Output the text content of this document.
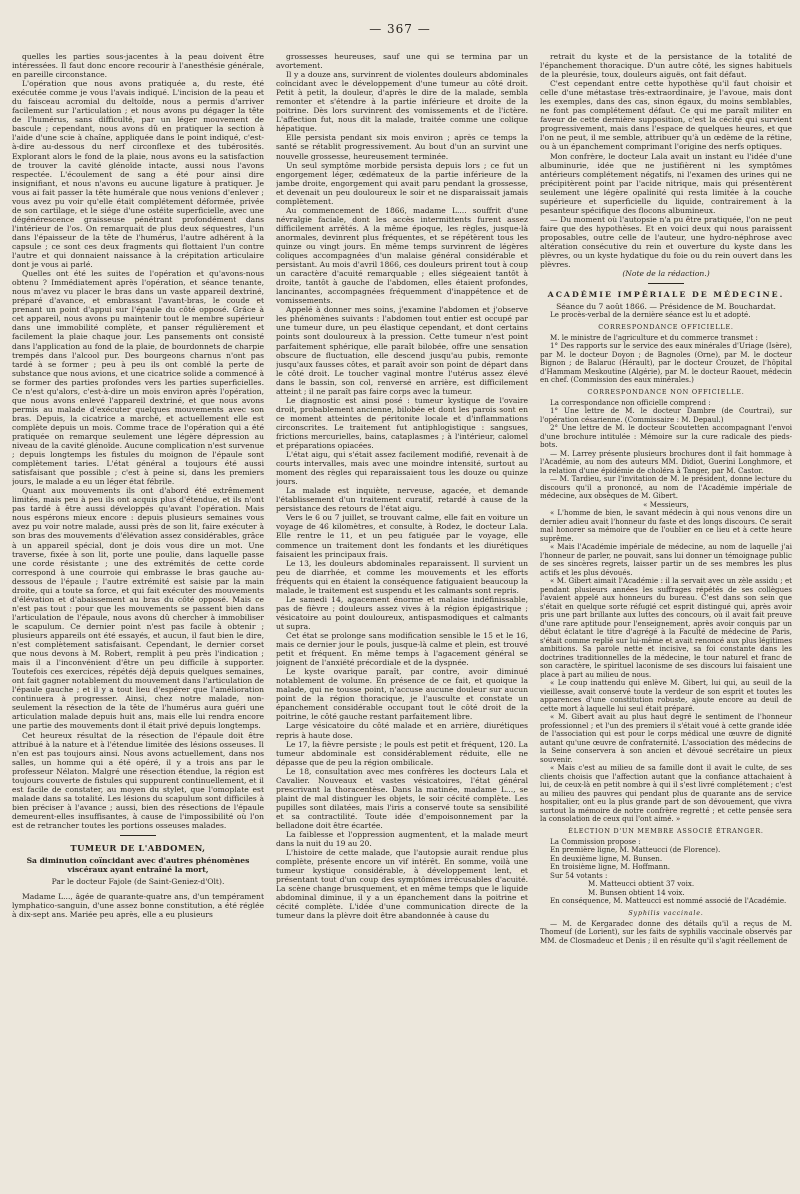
— 367 —

quelles les parties sous-jacentes à la peau doivent être intéressées. Il faut donc encore recourir à l'anesthésie générale, en pareille circonstance.

L'opération que nous avons pratiquée a, du reste, été exécutée comme je vous l'avais indiqué. L'incision de la peau et du faisceau acromial du deltoïde, nous a permis d'arriver facilement sur l'articulation ; et nous avons pu dégager la tête de l'humérus, sans difficulté, par un léger mouvement de bascule ; cependant, nous avons dû en pratiquer la section à l'aide d'une scie à chaîne, appliquée dans le point indiqué, c'est-à-dire au-dessous du nerf circonflexe et des tubérosités. Explorant alors le fond de la plaie, nous avons eu la satisfaction de trouver la cavité glénoïde intacte, aussi nous l'avons respectée. L'écoulement de sang a été pour ainsi dire insignifiant, et nous n'avons eu aucune ligature à pratiquer. Je vous ai fait passer la tête humérale que nous venions d'enlever ; vous avez pu voir qu'elle était complétement déformée, privée de son cartilage, et le siége d'une ostéite superficielle, avec une dégénérescence graisseuse pénétrant profondément dans l'intérieur de l'os. On remarquait de plus deux séquestres, l'un dans l'épaisseur de la tête de l'humérus, l'autre adhérent à la capsule ; ce sont ces deux fragments qui flottaient l'un contre l'autre et qui donnaient naissance à la crépitation articulaire dont je vous ai parlé.

Quelles ont été les suites de l'opération et qu'avons-nous obtenu ? Immédiatement après l'opération, et séance tenante, nous m'avez vu placer le bras dans un vaste appareil dextriné, préparé d'avance, et embrassant l'avant-bras, le coude et prenant un point d'appui sur l'épaule du côté opposé. Grâce à cet appareil, nous avons pu maintenir tout le membre supérieur dans une immobilité complète, et panser régulièrement et facilement la plaie chaque jour. Les pansements ont consisté dans l'application au fond de la plaie, de bourdonnets de charpie trempés dans l'alcool pur. Des bourgeons charnus n'ont pas tardé à se former ; peu à peu ils ont comblé la perte de substance que nous avions, et une cicatrice solide a commencé à se former des parties profondes vers les parties superficielles. Ce n'est qu'alors, c'est-à-dire un mois environ après l'opération, que nous avons enlevé l'appareil dextriné, et que nous avons permis au malade d'exécuter quelques mouvements avec son bras. Depuis, la cicatrice a marché, et actuellement elle est complète depuis un mois. Comme trace de l'opération qui a été pratiquée on remarque seulement une légère dépression au niveau de la cavité glénoïde. Aucune complication n'est survenue ; depuis longtemps les fistules du moignon de l'épaule sont complètement taries. L'état général a toujours été aussi satisfaisant que possible ; c'est à peine si, dans les premiers jours, le malade a eu un léger état fébrile.

Quant aux mouvements ils ont d'abord été extrêmement limités, mais peu à peu ils ont acquis plus d'étendue, et ils n'ont pas tardé à être aussi développés qu'avant l'opération. Mais nous espérons mieux encore : depuis plusieurs semaines vous avez pu voir notre malade, aussi près de son lit, faire exécuter à son bras des mouvements d'élévation assez considérables, grâce à un appareil spécial, dont je dois vous dire un mot. Une traverse, fixée à son lit, porte une poulie, dans laquelle passe une corde résistante ; une des extrémités de cette corde correspond à une courroie qui embrasse le bras gauche au-dessous de l'épaule ; l'autre extrémité est saisie par la main droite, qui a toute sa force, et qui fait exécuter des mouvements d'élévation et d'abaissement au bras du côté opposé. Mais ce n'est pas tout : pour que les mouvements se passent bien dans l'articulation de l'épaule, nous avons dû chercher à immobiliser le scapulum. Ce dernier point n'est pas facile à obtenir ; plusieurs appareils ont été essayés, et aucun, il faut bien le dire, n'est complètement satisfaisant. Cependant, le dernier corset que nous devons à M. Robert, remplit à peu près l'indication ; mais il a l'inconvénient d'être un peu difficile à supporter. Toutefois ces exercices, répétés déjà depuis quelques semaines, ont fait gagner notablement du mouvement dans l'articulation de l'épaule gauche ; et il y a tout lieu d'espérer que l'amélioration continuera à progresser. Ainsi, chez notre malade, non-seulement la résection de la tête de l'humérus aura guéri une articulation malade depuis huit ans, mais elle lui rendra encore une partie des mouvements dont il était privé depuis longtemps.

Cet heureux résultat de la résection de l'épaule doit être attribué à la nature et à l'étendue limitée des lésions osseuses. Il n'en est pas toujours ainsi. Nous avons actuellement, dans nos salles, un homme qui a été opéré, il y a trois ans par le professeur Nélaton. Malgré une résection étendue, la région est toujours couverte de fistules qui suppurent continuellement, et il est facile de constater, au moyen du stylet, que l'omoplate est malade dans sa totalité. Les lésions du scapulum sont difficiles à bien préciser à l'avance ; aussi, bien des résections de l'épaule demeurent-elles insuffisantes, à cause de l'impossibilité où l'on est de retrancher toutes les portions osseuses malades.

TUMEUR DE L'ABDOMEN,
Sa diminution coïncidant avec d'autres phénomènes viscéraux ayant entraîné la mort,
Par le docteur Fajole (de Saint-Geniez-d'Olt).

Madame L..., âgée de quarante-quatre ans, d'un tempérament lymphatico-sanguin, d'une assez bonne constitution, a été réglée à dix-sept ans. Mariée peu après, elle a eu plusieurs

grossesses heureuses, sauf une qui se termina par un avortement.

Il y a douze ans, survinrent de violentes douleurs abdominales coïncidant avec le développement d'une tumeur au côté droit. Petit à petit, la douleur, d'après le dire de la malade, sembla remonter et s'étendre à la partie inférieure et droite de la poitrine. Dès lors survinrent des vomissements et de l'ictère. L'affection fut, nous dit la malade, traitée comme une colique hépatique.

Elle persista pendant six mois environ ; après ce temps la santé se rétablit progressivement. Au bout d'un an survint une nouvelle grossesse, heureusement terminée.

Un seul symptôme morbide persista depuis lors ; ce fut un engorgement léger, œdémateux de la partie inférieure de la jambe droite, engorgement qui avait paru pendant la grossesse, et devenait un peu douloureux le soir et ne disparaissait jamais complètement.

Au commencement de 1866, madame L.... souffrit d'une névralgie faciale, dont les accès intermittents furent assez difficilement arrêtés. A la même époque, les règles, jusque-là anormales, devinrent plus fréquentes, et se répétèrent tous les quinze ou vingt jours. En même temps survinrent de légères coliques accompagnées d'un malaise général considérable et persistant. Au mois d'avril 1866, ces douleurs prirent tout à coup un caractère d'acuité remarquable ; elles siégeaient tantôt à droite, tantôt à gauche de l'abdomen, elles étaient profondes, lancinantes, accompagnées fréquemment d'inappétence et de vomissements.

Appelé à donner mes soins, j'examine l'abdomen et j'observe les phénomènes suivants : l'abdomen tout entier est occupé par une tumeur dure, un peu élastique cependant, et dont certains points sont douloureux à la pression. Cette tumeur n'est point parfaitement sphérique, elle paraît bilobée, offre une sensation obscure de fluctuation, elle descend jusqu'au pubis, remonte jusqu'aux fausses côtes, et paraît avoir son point de départ dans le côté droit. Le toucher vaginal montre l'utérus assez élevé dans le bassin, son col, renversé en arrière, est difficilement atteint ; il ne paraît pas faire corps avec la tumeur.

Le diagnostic est ainsi posé : tumeur kystique de l'ovaire droit, probablement ancienne, bilobée et dont les parois sont en ce moment atteintes de péritonite locale et d'inflammations circonscrites. Le traitement fut antiphlogistique : sangsues, frictions mercurielles, bains, cataplasmes ; à l'intérieur, calomel et préparations opiacées.

L'état aigu, qui s'était assez facilement modifié, revenait à de courts intervalles, mais avec une moindre intensité, surtout au moment des règles qui reparaissaient tous les douze ou quinze jours.

La malade est inquiète, nerveuse, agacée, et demande l'établissement d'un traitement curatif, retardé à cause de la persistance des retours de l'état aigu.

Vers le 6 ou 7 juillet, se trouvant calme, elle fait en voiture un voyage de 46 kilomètres, et consulte, à Rodez, le docteur Lala. Elle rentre le 11, et un peu fatiguée par le voyage, elle commence un traitement dont les fondants et les diurétiques faisaient les principaux frais.

Le 13, les douleurs abdominales reparaissent. Il survient un peu de diarrhée, et comme les mouvements et les efforts fréquents qui en étaient la conséquence fatiguaient beaucoup la malade, le traitement est suspendu et les calmants sont repris.

Le samedi 14, agacement énorme et malaise indéfinissable, pas de fièvre ; douleurs assez vives à la région épigastrique ; vésicatoire au point douloureux, antispasmodiques et calmants ut supra.

Cet état se prolonge sans modification sensible le 15 et le 16, mais ce dernier jour le pouls, jusque-là calme et plein, est trouvé petit et fréquent. En même temps à l'agacement général se joignent de l'anxiété précordiale et de la dyspnée.

Le kyste ovarique paraît, par contre, avoir diminué notablement de volume. En présence de ce fait, et quoique la malade, qui ne tousse point, n'accuse aucune douleur sur aucun point de la région thoracique, je l'ausculte et constate un épanchement considérable occupant tout le côté droit de la poitrine, le côté gauche restant parfaitement libre.

Large vésicatoire du côté malade et en arrière, diurétiques repris à haute dose.

Le 17, la fièvre persiste ; le pouls est petit et fréquent, 120. La tumeur abdominale est considérablement réduite, elle ne dépasse que de peu la région ombilicale.

Le 18, consultation avec mes confrères les docteurs Lala et Cavalier. Nouveaux et vastes vésicatoires, l'état général prescrivant la thoracentèse. Dans la matinée, madame L..., se plaint de mal distinguer les objets, le soir cécité complète. Les pupilles sont dilatées, mais l'iris a conservé toute sa sensibilité et sa contractilité. Toute idée d'empoisonnement par la belladone doit être écartée.

La faiblesse et l'oppression augmentent, et la malade meurt dans la nuit du 19 au 20.

L'histoire de cette malade, que l'autopsie aurait rendue plus complète, présente encore un vif intérêt. En somme, voilà une tumeur kystique considérable, à développement lent, et présentant tout d'un coup des symptômes irrécusables d'acuité. La scène change brusquement, et en même temps que le liquide abdominal diminue, il y a un épanchement dans la poitrine et cécité complète. L'idée d'une communication directe de la tumeur dans la plèvre doit être abandonnée à cause du

retrait du kyste et de la persistance de la totalité de l'épanchement thoracique. D'un autre côté, les signes habituels de la pleurésie, toux, douleurs aiguës, ont fait défaut.

C'est cependant entre cette hypothèse qu'il faut choisir et celle d'une métastase très-extraordinaire, je l'avoue, mais dont les exemples, dans des cas, sinon égaux, du moins semblables, ne font pas complétement défaut. Ce qui me paraît militer en faveur de cette dernière supposition, c'est la cécité qui survient progressivement, mais dans l'espace de quelques heures, et que l'on ne peut, il me semble, attribuer qu'à un œdème de la rétine, ou à un épanchement comprimant l'origine des nerfs optiques.

Mon confrère, le docteur Lala avait un instant eu l'idée d'une albuminurie, idée que ne justifièrent ni les symptômes antérieurs complétement négatifs, ni l'examen des urines qui ne précipitèrent point par l'acide nitrique, mais qui présentèrent seulement une légère opalinité qui resta limitée à la couche supérieure et superficielle du liquide, contrairement à la pesanteur spécifique des flocons albumineux.

— Du moment où l'autopsie n'a pu être pratiquée, l'on ne peut faire que des hypothèses. Et en voici deux qui nous paraissent proposables, outre celle de l'auteur, une hydro-néphrose avec altération consécutive du rein et ouverture du kyste dans les plèvres, ou un kyste hydatique du foie ou du rein ouvert dans les plèvres.

(Note de la rédaction.)

ACADÉMIE IMPÉRIALE DE MÉDECINE.

Séance du 7 août 1866. — Présidence de M. Bouchardat.

Le procès-verbal de la dernière séance est lu et adopté.

CORRESPONDANCE OFFICIELLE.

M. le ministre de l'agriculture et du commerce transmet :

1° Des rapports sur le service des eaux minérales d'Uriage (Isère), par M. le docteur Doyon ; de Bagnoles (Orne), par M. le docteur Bignon ; de Balaruc (Hérault), par le docteur Crouzet, de l'hôpital d'Hammam Meskoutine (Algérie), par M. le docteur Raouet, médecin en chef. (Commission des eaux minérales.)

CORRESPONDANCE NON OFFICIELLE.

La correspondance non officielle comprend :

1° Une lettre de M. le docteur Dambre (de Courtrai), sur l'opération césarienne. (Commissaire : M. Depaul.)

2° Une lettre de M. le docteur Scoutetten accompagnant l'envoi d'une brochure intitulée : Mémoire sur la cure radicale des pieds-bots.

— M. Larrey présente plusieurs brochures dont il fait hommage à l'Académie, au nom des auteurs MM. Didiot, Guerini Longhmore, et la relation d'une épidémie de choléra à Tanger, par M. Castor.

— M. Tardieu, sur l'invitation de M. le président, donne lecture du discours qu'il a prononcé, au nom de l'Académie impériale de médecine, aux obsèques de M. Gibert.

« Messieurs,

« L'homme de bien, le savant médecin à qui nous venons dire un dernier adieu avait l'honneur du faste et des longs discours. Ce serait mal honorer sa mémoire que de l'oublier en ce lieu et à cette heure suprême.

« Mais l'Académie impériale de médecine, au nom de laquelle j'ai l'honneur de parler, ne pouvait, sans lui donner un témoignage public de ses sincères regrets, laisser partir un de ses membres les plus actifs et les plus dévoués.

« M. Gibert aimait l'Académie : il la servait avec un zèle assidu ; et pendant plusieurs années les suffrages répétés de ses collègues l'avaient appelé aux honneurs du bureau. C'est dans son sein que s'était en quelque sorte réfugié cet esprit distingué qui, après avoir pris une part brillante aux luttes des concours, où il avait fait preuve d'une rare aptitude pour l'enseignement, après avoir conquis par un début éclatant le titre d'agrégé à la Faculté de médecine de Paris, s'était comme replié sur lui-même et avait renoncé aux plus légitimes ambitions. Sa parole nette et incisive, sa foi constante dans les doctrines traditionnelles de la médecine, le tour naturel et franc de son caractère, le spirituel laconisme de ses discours lui faisaient une place à part au milieu de nous.

« Le coup inattendu qui enlève M. Gibert, lui qui, au seuil de la vieillesse, avait conservé toute la verdeur de son esprit et toutes les apparences d'une constitution robuste, ajoute encore au deuil de cette mort à laquelle lui seul était préparé.

« M. Gibert avait au plus haut degré le sentiment de l'honneur professionnel ; et l'un des premiers il s'était voué à cette grande idée de l'association qui est pour le corps médical une œuvre de dignité autant qu'une œuvre de confraternité. L'association des médecins de la Seine conservera à son ancien et dévoué secrétaire un pieux souvenir.

« Mais c'est au milieu de sa famille dont il avait le culte, de ses clients choisis que l'affection autant que la confiance attachaient à lui, de ceux-là en petit nombre à qui il s'est livré complétement ; c'est au milieu des pauvres qui pendant plus de quarante ans de service hospitalier, ont eu la plus grande part de son dévouement, que vivra surtout la mémoire de notre confrère regretté ; et cette pensée sera la consolation de ceux qui l'ont aimé. »

ÉLECTION D'UN MEMBRE ASSOCIÉ ÉTRANGER.

La Commission propose :

En première ligne, M. Matteucci (de Florence).

En deuxième ligne, M. Bunsen.

En troisième ligne, M. Hoffmann.

Sur 54 votants :

M. Matteucci obtient 37 voix.

M. Bunsen obtient 14 voix.

En conséquence, M. Matteucci est nommé associé de l'Académie.

Syphilis vaccinale.

— M. de Kergaradec donne des détails qu'il a reçus de M. Thomeuf (de Lorient), sur les faits de syphilis vaccinale observés par MM. de Closmadeuc et Denis ; il en résulte qu'il s'agit réellement de
